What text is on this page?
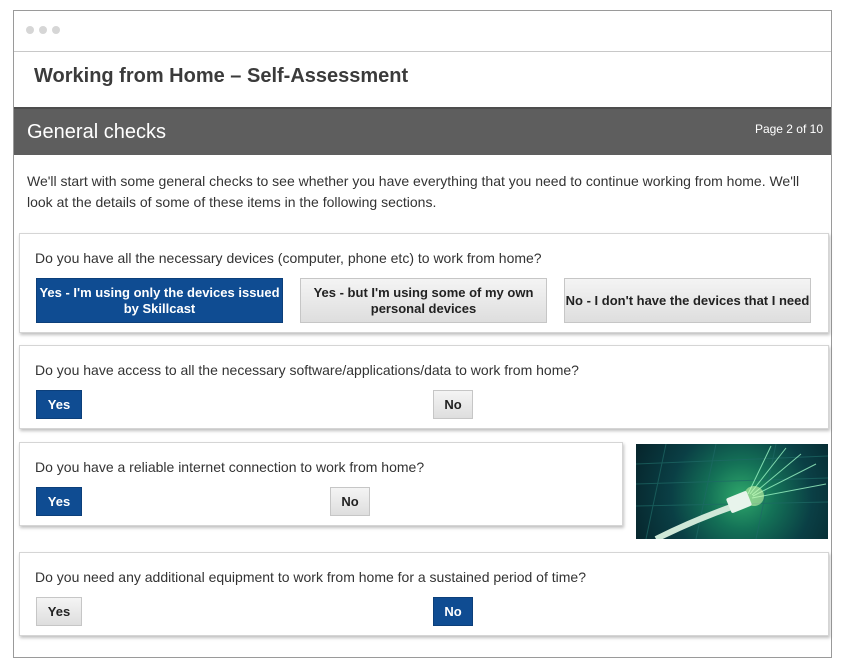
Working from Home – Self-Assessment
General checks	Page 2 of 10
We'll start with some general checks to see whether you have everything that you need to continue working from home. We'll look at the details of some of these items in the following sections.
Do you have all the necessary devices (computer, phone etc) to work from home?
Yes - I'm using only the devices issued by Skillcast
Yes - but I'm using some of my own personal devices
No - I don't have the devices that I need
Do you have access to all the necessary software/applications/data to work from home?
Yes	No
Do you have a reliable internet connection to work from home?
Yes	No
Do you need any additional equipment to work from home for a sustained period of time?
Yes	No
